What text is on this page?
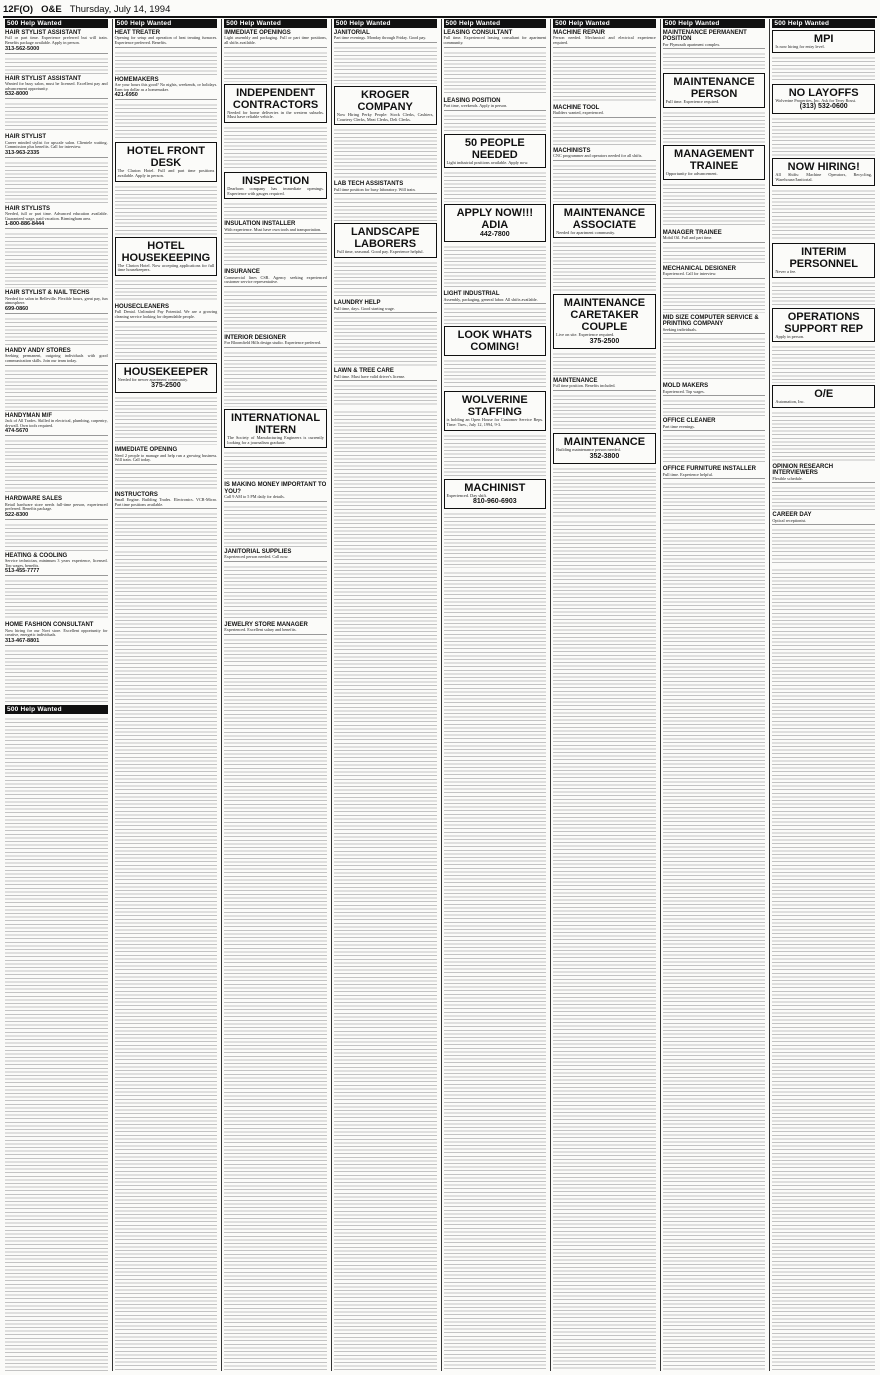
12F(O) O&E Thursday, July 14, 1994
500 Help Wanted
HAIR STYLIST ASSISTANT
Full or part time. Experience preferred but will train. Benefits package available. Apply in person.
313-562-5000
HAIR STYLIST ASSISTANT
Wanted for busy salon, must be licensed. Excellent pay and advancement opportunity.
532-8000
HAIR STYLIST
Career minded stylist for upscale salon. Clientele waiting. Commission plus benefits. Call for interview.
313-963-2335
HAIR STYLISTS
Needed, full or part time. Advanced education available. Guaranteed wage, paid vacation. Birmingham area.
1-800-886-8444
HAIR STYLIST & NAIL TECHS
Needed for salon in Belleville. Flexible hours, great pay, fun atmosphere.
699-0860
HANDY ANDY STORES
Seeking permanent, outgoing individuals with good communication skills. Join our team today.
HANDYMAN M/F
Jack of All Trades. Skilled in electrical, plumbing, carpentry, drywall. Own tools required.
474-5670
HARDWARE SALES
Retail hardware store needs full-time person, experienced preferred. Benefits package.
522-8300
HEATING & COOLING
Service technician, minimum 3 years experience, licensed. Top wages, benefits.
513-455-7777
HOME FASHION CONSULTANT
Now hiring for our Novi store. Excellent opportunity for creative, energetic individuals.
313-467-8801
500 Help Wanted
500 Help Wanted
HEAT TREATER
Opening for setup and operation of heat treating furnaces. Experience preferred. Benefits.
HOMEMAKERS
Are your hours this good? No nights, weekends, or holidays. Earn top dollar as a homemaker.
421-6950
HOTEL FRONT DESK
The Clarion Hotel. Full and part time positions available. Apply in person.
HOTEL HOUSEKEEPING
The Clarion Hotel. Now accepting applications for full time housekeepers.
HOUSECLEANERS
Full Dental. Unlimited Pay Potential. We are a growing cleaning service looking for dependable people.
HOUSEKEEPER
Needed for newer apartment community.
375-2500
IMMEDIATE OPENING
Need 2 people to manage and help run a growing business. Will train. Call today.
INSTRUCTORS
Small Engine. Building Trades. Electronics. VCR-Micro. Part time positions available.
500 Help Wanted
IMMEDIATE OPENINGS
Light assembly and packaging. Full or part time positions, all shifts available.
INDEPENDENT CONTRACTORS
Needed for home deliveries in the western suburbs. Must have reliable vehicle.
INSPECTION
Dearborn company has immediate openings. Experience with gauges required.
INSULATION INSTALLER
With experience. Must have own tools and transportation.
INSURANCE
Commercial lines CSR. Agency seeking experienced customer service representative.
INTERIOR DESIGNER
For Bloomfield Hills design studio. Experience preferred.
INTERNATIONAL INTERN
The Society of Manufacturing Engineers is currently looking for a journalism graduate.
IS MAKING MONEY IMPORTANT TO YOU?
Call 9 AM to 5 PM daily for details.
JANITORIAL SUPPLIES
Experienced person needed. Call now.
JEWELRY STORE MANAGER
Experienced. Excellent salary and benefits.
500 Help Wanted
JANITORIAL
Part time evenings. Monday through Friday. Good pay.
KROGER COMPANY
Now Hiring Perky People: Stock Clerks, Cashiers, Courtesy Clerks, Meat Clerks, Deli Clerks.
LAB TECH ASSISTANTS
Full time position for busy laboratory. Will train.
LANDSCAPE LABORERS
Full time, seasonal. Good pay. Experience helpful.
LAUNDRY HELP
Full time, days. Good starting wage.
LAWN & TREE CARE
Full time. Must have valid driver's license.
500 Help Wanted
LEASING CONSULTANT
Full time. Experienced leasing consultant for apartment community.
LEASING POSITION
Part time, weekends. Apply in person.
50 PEOPLE NEEDED
Light industrial positions available. Apply now.
APPLY NOW!!! ADIA
442-7800
LIGHT INDUSTRIAL
Assembly, packaging, general labor. All shifts available.
LOOK WHATS COMING!
WOLVERINE STAFFING
is holding an Open House for Customer Service Reps. Time: Tues., July 12, 1994, 9-3.
MACHINIST
Experienced. Day shift.
810-960-6903
500 Help Wanted
MACHINE REPAIR
Person needed. Mechanical and electrical experience required.
MACHINE TOOL
Builders wanted, experienced.
MACHINISTS
CNC programmer and operators needed for all shifts.
MAINTENANCE ASSOCIATE
Needed for apartment community.
MAINTENANCE CARETAKER COUPLE
Live on site. Experience required.
375-2500
MAINTENANCE
Full time position. Benefits included.
MAINTENANCE
Building maintenance person needed.
352-3800
500 Help Wanted
MAINTENANCE PERMANENT POSITION
For Plymouth apartment complex.
MAINTENANCE PERSON
Full time. Experience required.
MANAGEMENT TRAINEE
Opportunity for advancement.
MANAGER TRAINEE
Mobil Oil. Full and part time.
MECHANICAL DESIGNER
Experienced. Call for interview.
MID SIZE COMPUTER SERVICE & PRINTING COMPANY
Seeking individuals.
MOLD MAKERS
Experienced. Top wages.
OFFICE CLEANER
Part time evenings.
OFFICE FURNITURE INSTALLER
Full time. Experience helpful.
500 Help Wanted
MPI
Is now hiring for entry level.
NO LAYOFFS
Wolverine Properties, Inc. Ask for Terry Rossi.
(313) 532-0600
NOW HIRING!
All Shifts: Machine Operators, Recycling, Warehouse/Janitorial.
INTERIM PERSONNEL
Never a fee.
OPERATIONS SUPPORT REP
Apply in person.
O/E
Automation, Inc.
OPINION RESEARCH INTERVIEWERS
Flexible schedule.
CAREER DAY
Optical receptionist.
